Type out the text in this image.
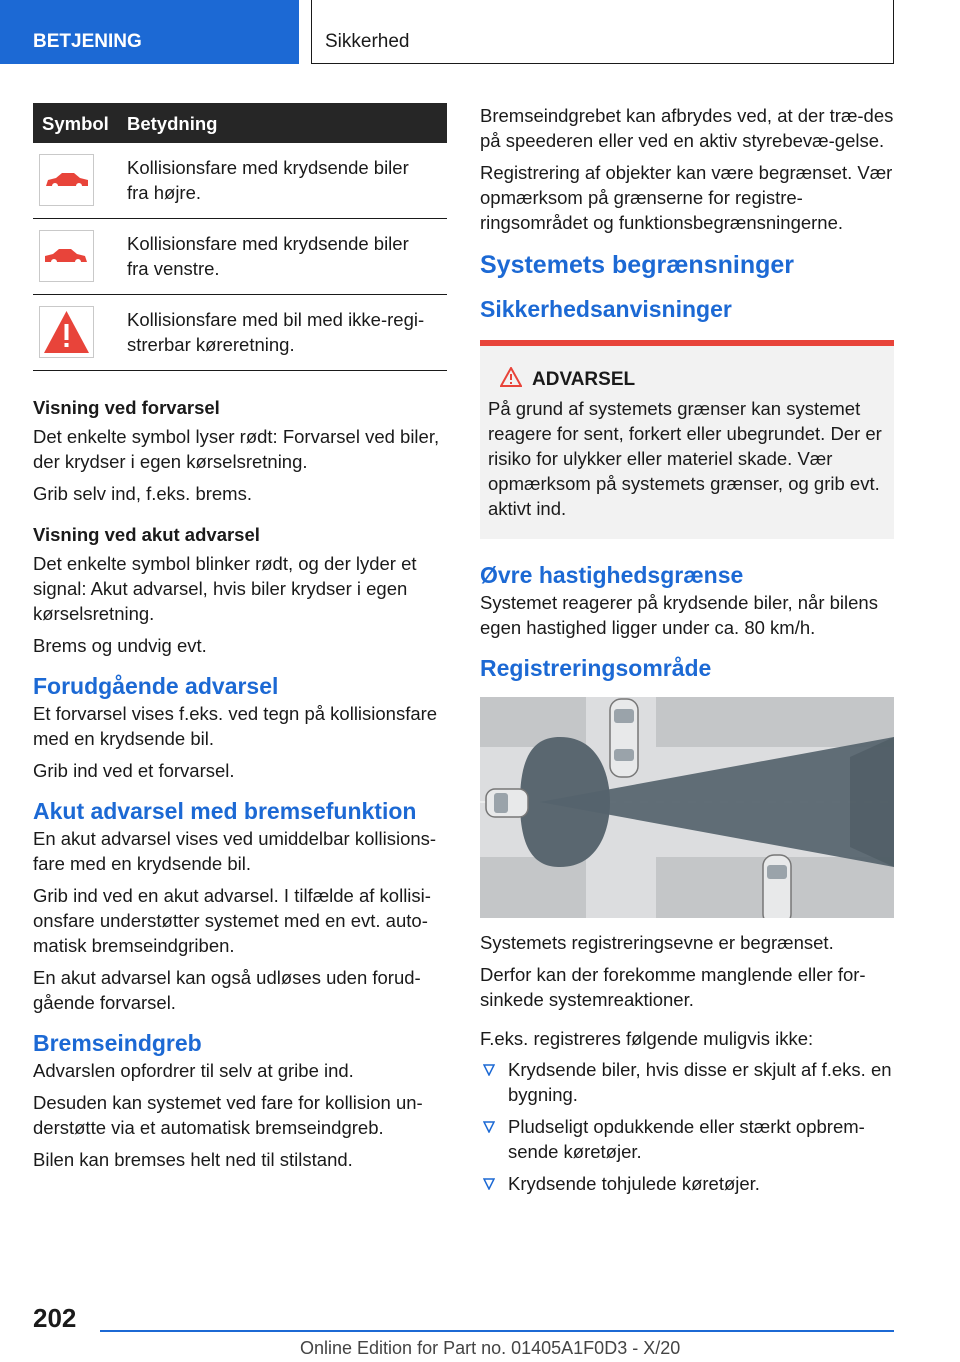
BETJENING	Sikkerhed
Symbol Betydning
Kollisionsfare med krydsende biler
fra højre.
Kollisionsfare med krydsende biler
fra venstre.
Kollisionsfare med bil med ikke-regi-
strerbar køreretning.

Visning ved forvarsel

Det enkelte symbol lyser rødt: Forvarsel ved biler, der krydser i egen kørselsretning.

Grib selv ind, f.eks. brems.

Visning ved akut advarsel

Det enkelte symbol blinker rødt, og der lyder et signal: Akut advarsel, hvis biler krydser i egen kørselsretning.

Brems og undvig evt.

Forudgående advarsel

Et forvarsel vises f.eks. ved tegn på kollisionsfare med en krydsende bil.

Grib ind ved et forvarsel.

Akut advarsel med bremsefunktion

En akut advarsel vises ved umiddelbar kollisions-fare med en krydsende bil.

Grib ind ved en akut advarsel. I tilfælde af kollisi-onsfare understøtter systemet med en evt. auto-matisk bremseindgriben.

En akut advarsel kan også udløses uden forud-gående forvarsel.

Bremseindgreb

Advarslen opfordrer til selv at gribe ind.

Desuden kan systemet ved fare for kollision un-derstøtte via et automatisk bremseindgreb.

Bilen kan bremses helt ned til stilstand.

Bremseindgrebet kan afbrydes ved, at der træ-des på speederen eller ved en aktiv styrebevæ-gelse.

Registrering af objekter kan være begrænset. Vær opmærksom på grænserne for registre-ringsområdet og funktionsbegrænsningerne.

Systemets begrænsninger

Sikkerhedsanvisninger

ADVARSEL

På grund af systemets grænser kan systemet reagere for sent, forkert eller ubegrundet. Der er risiko for ulykker eller materiel skade. Vær opmærksom på systemets grænser, og grib evt. aktivt ind.

Øvre hastighedsgrænse

Systemet reagerer på krydsende biler, når bilens egen hastighed ligger under ca. 80 km/h.

Registreringsområde

Systemets registreringsevne er begrænset.

Derfor kan der forekomme manglende eller for-sinkede systemreaktioner.

F.eks. registreres følgende muligvis ikke:

Krydsende biler, hvis disse er skjult af f.eks. en bygning.

Pludseligt opdukkende eller stærkt opbrem-sende køretøjer.

Krydsende tohjulede køretøjer.

202
Online Edition for Part no. 01405A1F0D3 - X/20
